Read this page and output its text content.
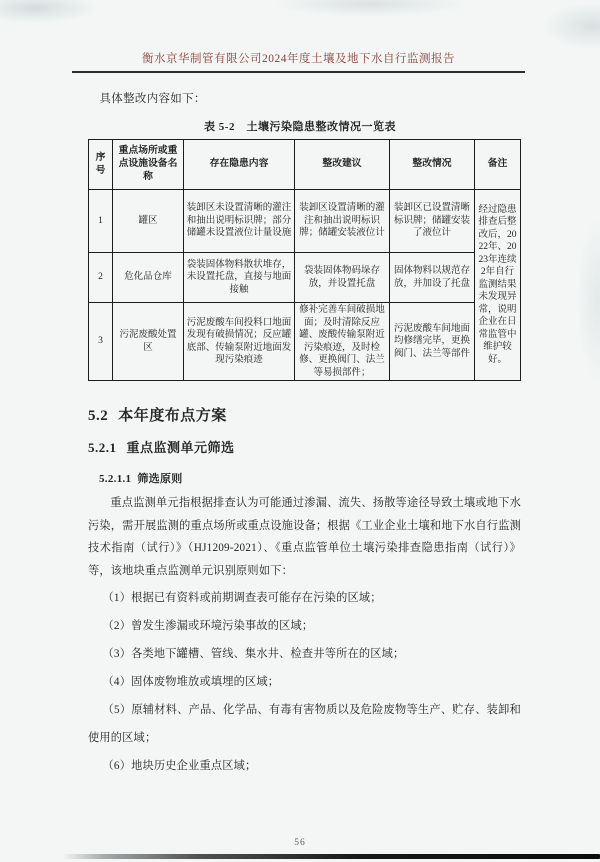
衡水京华制管有限公司2024年度土壤及地下水自行监测报告

具体整改内容如下：

表 5-2　土壤污染隐患整改情况一览表
序号	重点场所或重点设施设备名称	存在隐患内容	整改建议	整改情况	备注
1	罐区	装卸区未设置清晰的灌注和抽出说明标识牌；部分储罐未设置液位计量设施	装卸区设置清晰的灌注和抽出说明标识牌；储罐安装液位计	装卸区已设置清晰标识牌；储罐安装了液位计	经过隐患排查后整改后，2022年、2023年连续2年自行监测结果未发现异常，说明企业在日常监管中维护较好。
2	危化品仓库	袋装固体物料散状堆存，未设置托盘，直接与地面接触	袋装固体物码垛存放，并设置托盘	固体物料以规范存放，并加设了托盘	
3	污泥废酸处置区	污泥废酸车间投料口地面发现有破损情况；反应罐底部、传输泵附近地面发现污染痕迹	修补完善车间破损地面；及时清除反应罐、废酸传输泵附近污染痕迹，及时检修、更换阀门、法兰等易损部件；	污泥废酸车间地面均修缮完毕，更换阀门、法兰等部件	
5.2 本年度布点方案
5.2.1 重点监测单元筛选
5.2.1.1 筛选原则

重点监测单元指根据排查认为可能通过渗漏、流失、扬散等途径导致土壤或地下水污染，需开展监测的重点场所或重点设施设备；根据《工业企业土壤和地下水自行监测技术指南（试行）》（HJ1209-2021）、《重点监管单位土壤污染排查隐患指南（试行）》等，该地块重点监测单元识别原则如下：

（1）根据已有资料或前期调查表可能存在污染的区域；
（2）曾发生渗漏或环境污染事故的区域；
（3）各类地下罐槽、管线、集水井、检查井等所在的区域；
（4）固体废物堆放或填埋的区域；
（5）原辅材料、产品、化学品、有毒有害物质以及危险废物等生产、贮存、装卸和使用的区域；
（6）地块历史企业重点区域；
56
